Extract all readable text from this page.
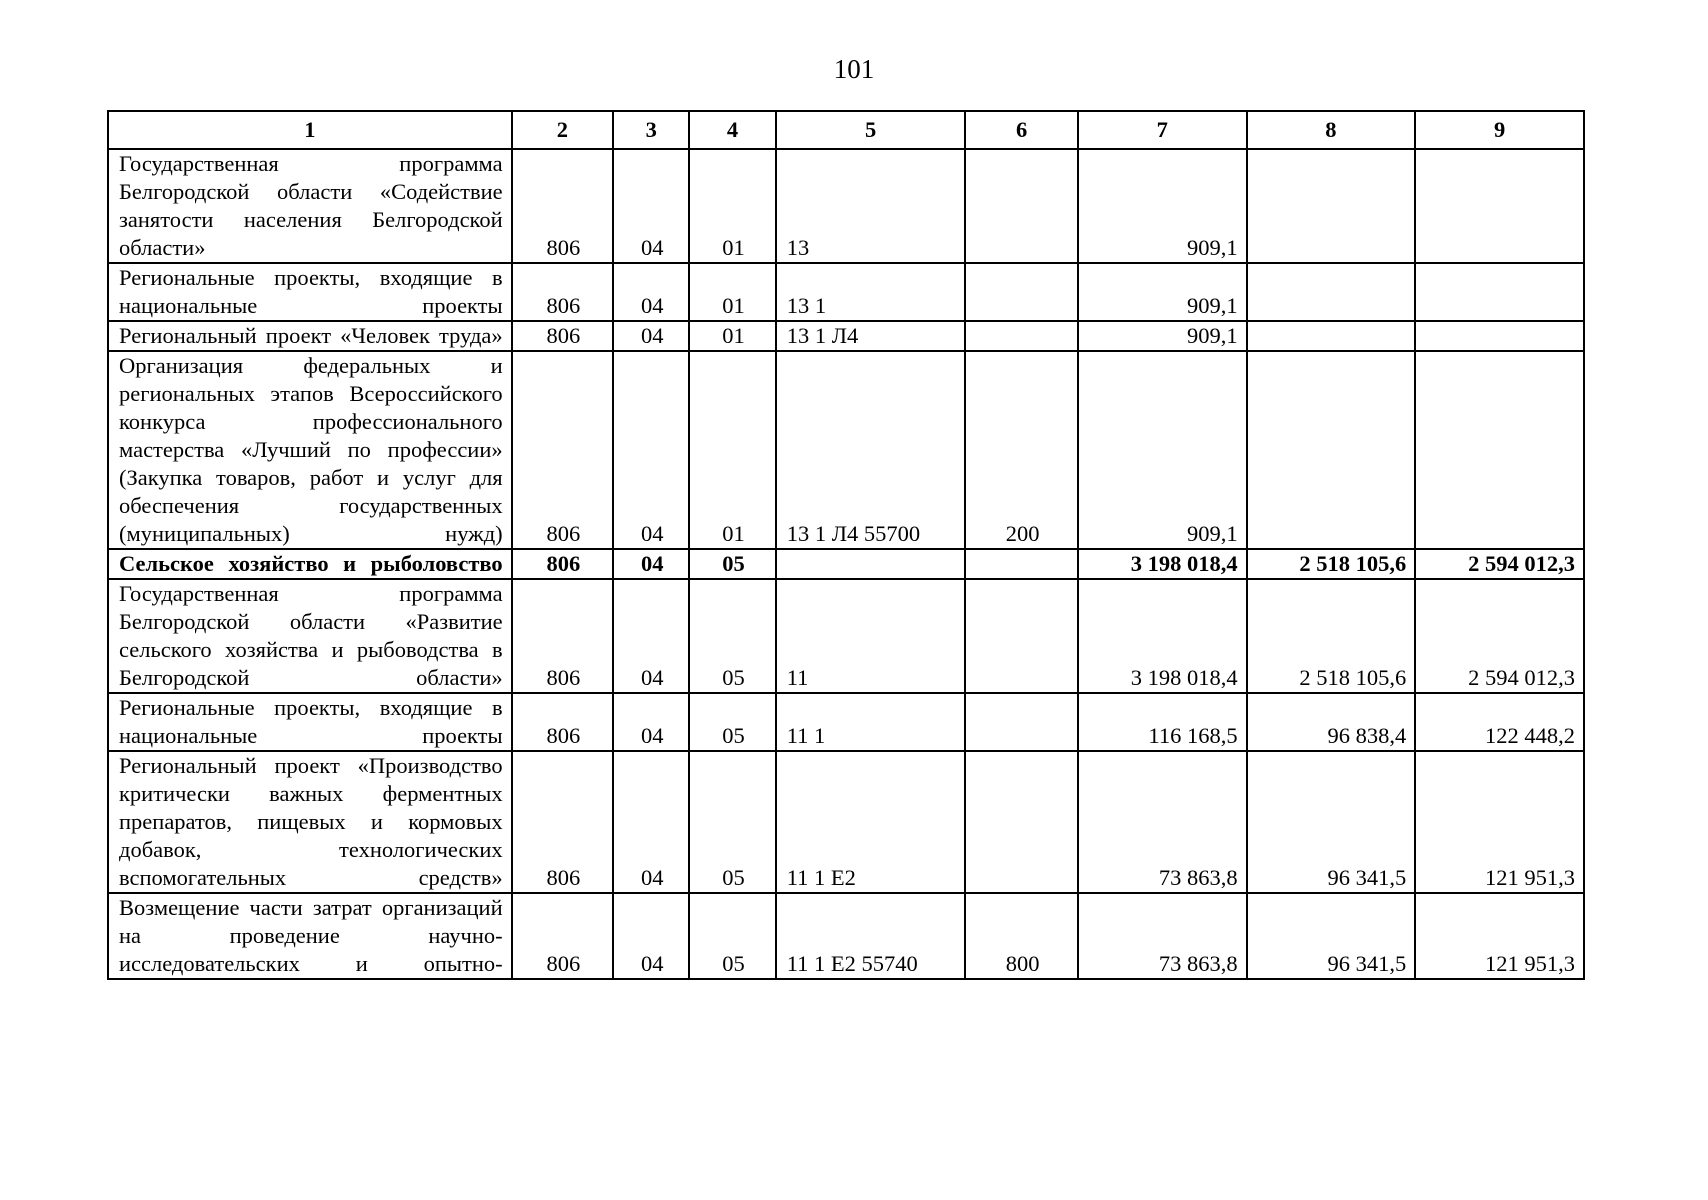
101
1	2	3	4	5	6	7	8	9
Государственная программа Белгородской области «Содействие занятости населения Белгородской области»	806	04	01	13		909,1		
Региональные проекты, входящие в национальные проекты	806	04	01	13 1		909,1		
Региональный проект «Человек труда»	806	04	01	13 1 Л4		909,1		
Организация федеральных и региональных этапов Всероссийского конкурса профессионального мастерства «Лучший по профессии» (Закупка товаров, работ и услуг для обеспечения государственных (муниципальных) нужд)	806	04	01	13 1 Л4 55700	200	909,1		
Сельское хозяйство и рыболовство	806	04	05			3 198 018,4	2 518 105,6	2 594 012,3
Государственная программа Белгородской области «Развитие сельского хозяйства и рыбоводства в Белгородской области»	806	04	05	11		3 198 018,4	2 518 105,6	2 594 012,3
Региональные проекты, входящие в национальные проекты	806	04	05	11 1		116 168,5	96 838,4	122 448,2
Региональный проект «Производство критически важных ферментных препаратов, пищевых и кормовых добавок, технологических вспомогательных средств»	806	04	05	11 1 Е2		73 863,8	96 341,5	121 951,3
Возмещение части затрат организаций на проведение научно-исследовательских и опытно-	806	04	05	11 1 Е2 55740	800	73 863,8	96 341,5	121 951,3
